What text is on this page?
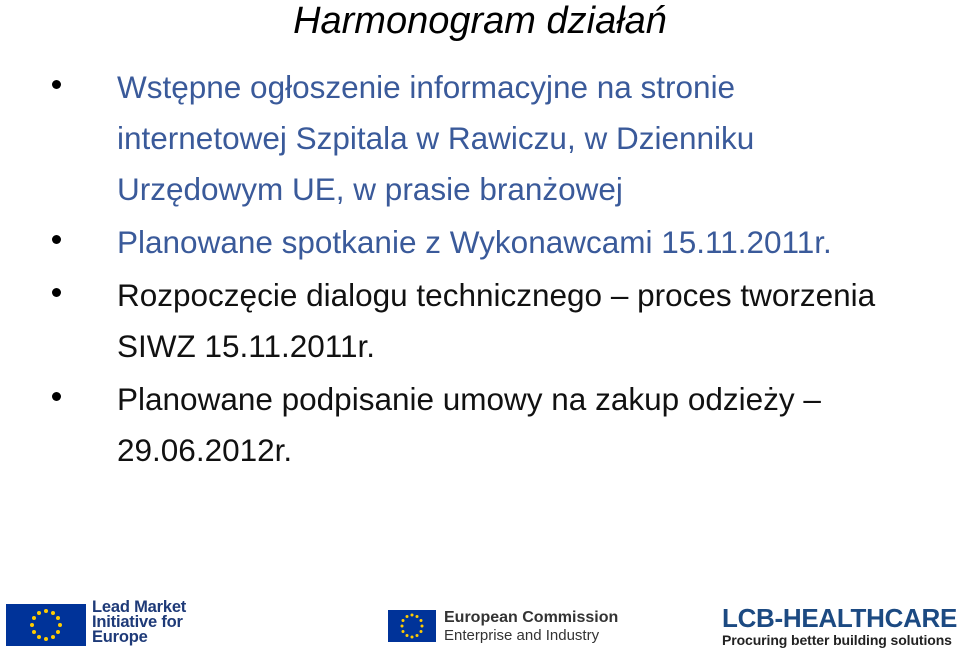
Harmonogram działań
Wstępne ogłoszenie informacyjne na stronie internetowej Szpitala w Rawiczu, w Dzienniku Urzędowym UE, w prasie branżowej
Planowane spotkanie z Wykonawcami 15.11.2011r.
Rozpoczęcie dialogu technicznego – proces tworzenia SIWZ 15.11.2011r.
Planowane podpisanie umowy na zakup odzieży – 29.06.2012r.
Lead Market
Initiative for
Europe
European Commission
Enterprise and Industry
LCB-HEALTHCARE
Procuring better building solutions
